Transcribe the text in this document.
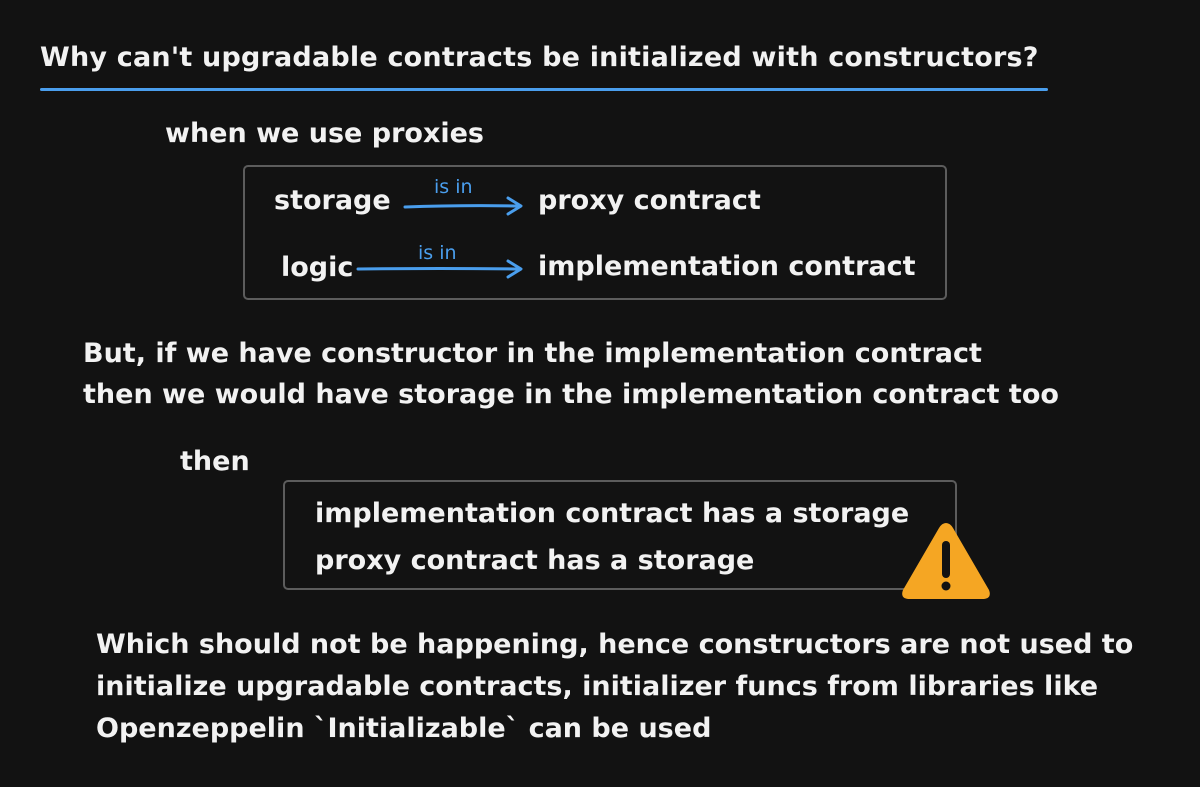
Why can't upgradable contracts be initialized with constructors?
when we use proxies
storage is in proxy contract
logic	is in	implementation contract
But, if we have constructor in the implementation contract
then we would have storage in the implementation contract too
then
implementation contract has a storage
proxy contract has a storage
Which should not be happening, hence constructors are not used to
initialize upgradable contracts, initializer funcs from libraries like
Openzeppelin `Initializable` can be used
